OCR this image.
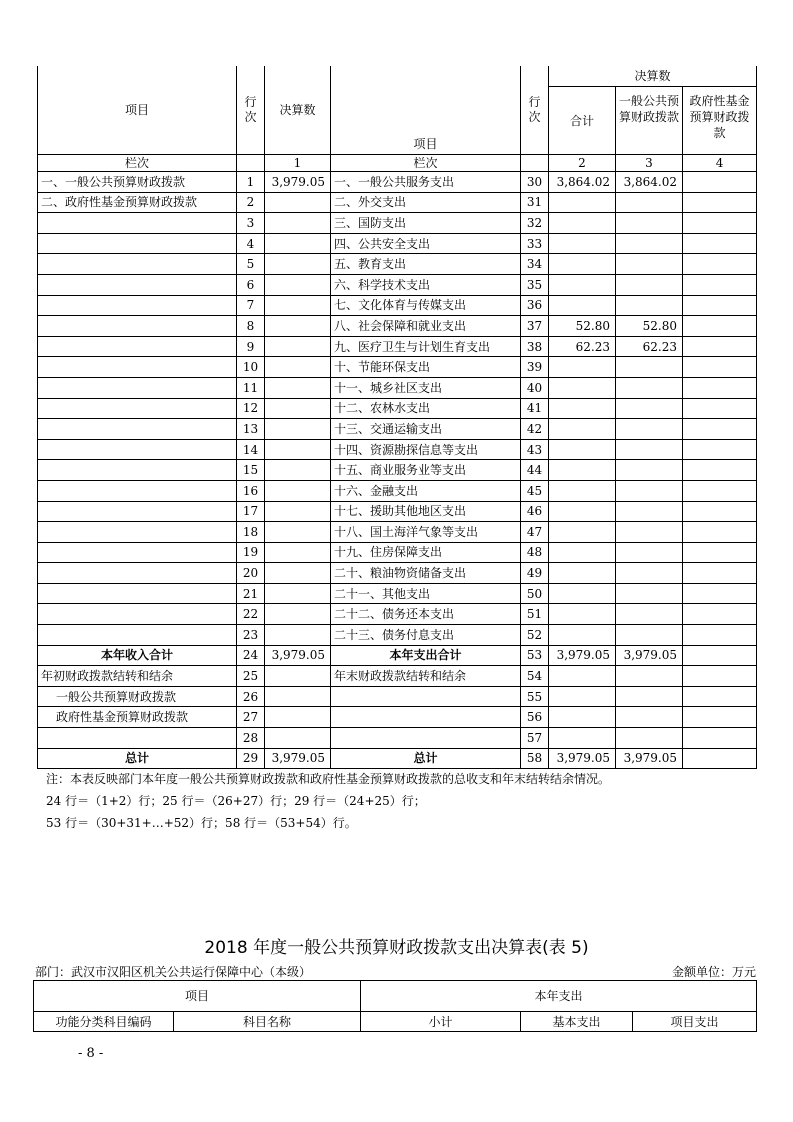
项目	行次	决算数	项目	行次	决算数		
					合计	一般公共预算财政拨款	政府性基金预算财政拨款
栏次		1	栏次		2	3	4
一、一般公共预算财政拨款	1	3,979.05	一、一般公共服务支出	30	3,864.02	3,864.02	
二、政府性基金预算财政拨款	2		二、外交支出	31			
	3		三、国防支出	32			
	4		四、公共安全支出	33			
	5		五、教育支出	34			
	6		六、科学技术支出	35			
	7		七、文化体育与传媒支出	36			
	8		八、社会保障和就业支出	37	52.80	52.80	
	9		九、医疗卫生与计划生育支出	38	62.23	62.23	
	10		十、节能环保支出	39			
	11		十一、城乡社区支出	40			
	12		十二、农林水支出	41			
	13		十三、交通运输支出	42			
	14		十四、资源勘探信息等支出	43			
	15		十五、商业服务业等支出	44			
	16		十六、金融支出	45			
	17		十七、援助其他地区支出	46			
	18		十八、国土海洋气象等支出	47			
	19		十九、住房保障支出	48			
	20		二十、粮油物资储备支出	49			
	21		二十一、其他支出	50			
	22		二十二、债务还本支出	51			
	23		二十三、债务付息支出	52			
本年收入合计	24	3,979.05	本年支出合计	53	3,979.05	3,979.05	
年初财政拨款结转和结余	25		年末财政拨款结转和结余	54			
一般公共预算财政拨款	26			55			
政府性基金预算财政拨款	27			56			
	28			57			
总计	29	3,979.05	总计	58	3,979.05	3,979.05	
注：本表反映部门本年度一般公共预算财政拨款和政府性基金预算财政拨款的总收支和年末结转结余情况。
24 行＝（1+2）行；25 行＝（26+27）行；29 行＝（24+25）行；
53 行＝（30+31+…+52）行；58 行＝（53+54）行。
2018 年度一般公共预算财政拨款支出决算表(表 5)
部门：武汉市汉阳区机关公共运行保障中心（本级）	金额单位：万元
项目		本年支出		
功能分类科目编码	科目名称	小计	基本支出	项目支出
- 8 -
